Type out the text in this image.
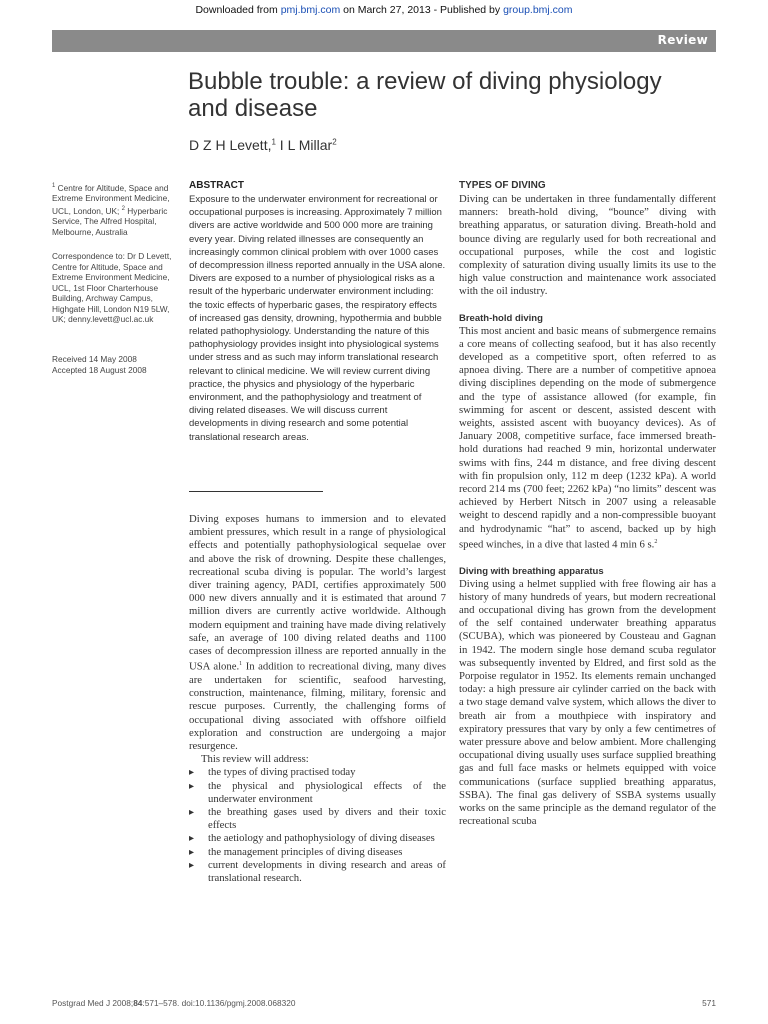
Downloaded from pmj.bmj.com on March 27, 2013 - Published by group.bmj.com
Review
Bubble trouble: a review of diving physiology and disease
D Z H Levett,$^1$ I L Millar$^2$
$^1$ Centre for Altitude, Space and Extreme Environment Medicine, UCL, London, UK; $^2$ Hyperbaric Service, The Alfred Hospital, Melbourne, Australia
Correspondence to: Dr D Levett, Centre for Altitude, Space and Extreme Environment Medicine, UCL, 1st Floor Charterhouse Building, Archway Campus, Highgate Hill, London N19 5LW, UK; denny.levett@ucl.ac.uk
Received 14 May 2008
Accepted 18 August 2008
ABSTRACT
Exposure to the underwater environment for recreational or occupational purposes is increasing. Approximately 7 million divers are active worldwide and 500 000 more are training every year. Diving related illnesses are consequently an increasingly common clinical problem with over 1000 cases of decompression illness reported annually in the USA alone. Divers are exposed to a number of physiological risks as a result of the hyperbaric underwater environment including: the toxic effects of hyperbaric gases, the respiratory effects of increased gas density, drowning, hypothermia and bubble related pathophysiology. Understanding the nature of this pathophysiology provides insight into physiological systems under stress and as such may inform translational research relevant to clinical medicine. We will review current diving practice, the physics and physiology of the hyperbaric environment, and the pathophysiology and treatment of diving related diseases. We will discuss current developments in diving research and some potential translational research areas.

Diving exposes humans to immersion and to elevated ambient pressures, which result in a range of physiological effects and potentially pathophysiological sequelae over and above the risk of drowning. Despite these challenges, recreational scuba diving is popular. The world’s largest diver training agency, PADI, certifies approximately 500 000 new divers annually and it is estimated that around 7 million divers are currently active worldwide. Although modern equipment and training have made diving relatively safe, an average of 100 diving related deaths and 1100 cases of decompression illness are reported annually in the USA alone.$^1$ In addition to recreational diving, many dives are undertaken for scientific, seafood harvesting, construction, maintenance, filming, military, forensic and rescue purposes. Currently, the challenging forms of occupational diving associated with offshore oilfield exploration and construction are undergoing a major resurgence.

This review will address:

▸ the types of diving practised today
▸ the physical and physiological effects of the underwater environment
▸ the breathing gases used by divers and their toxic effects
▸ the aetiology and pathophysiology of diving diseases
▸ the management principles of diving diseases
▸ current developments in diving research and areas of translational research.
TYPES OF DIVING

Diving can be undertaken in three fundamentally different manners: breath-hold diving, “bounce” diving with breathing apparatus, or saturation diving. Breath-hold and bounce diving are regularly used for both recreational and occupational purposes, while the cost and logistic complexity of saturation diving usually limits its use to the high value construction and maintenance work associated with the oil industry.

Breath-hold diving

This most ancient and basic means of submergence remains a core means of collecting seafood, but it has also recently developed as a competitive sport, often referred to as apnoea diving. There are a number of competitive apnoea diving disciplines depending on the mode of submergence and the type of assistance allowed (for example, fin swimming for ascent or descent, assisted descent with weights, assisted ascent with buoyancy devices). As of January 2008, competitive surface, face immersed breath-hold durations had reached 9 min, horizontal underwater swims with fins, 244 m distance, and free diving descent with fin propulsion only, 112 m deep (1232 kPa). A world record 214 ms (700 feet; 2262 kPa) “no limits” descent was achieved by Herbert Nitsch in 2007 using a releasable weight to descend rapidly and a non-compressible buoyant and hydrodynamic “hat” to ascend, backed up by high speed winches, in a dive that lasted 4 min 6 s.$^2$

Diving with breathing apparatus

Diving using a helmet supplied with free flowing air has a history of many hundreds of years, but modern recreational and occupational diving has grown from the development of the self contained underwater breathing apparatus (SCUBA), which was pioneered by Cousteau and Gagnan in 1942. The modern single hose demand scuba regulator was subsequently invented by Eldred, and first sold as the Porpoise regulator in 1952. Its elements remain unchanged today: a high pressure air cylinder carried on the back with a two stage demand valve system, which allows the diver to breath air from a mouthpiece with inspiratory and expiratory pressures that vary by only a few centimetres of water pressure above and below ambient. More challenging occupational diving usually uses surface supplied breathing gas and full face masks or helmets equipped with voice communications (surface supplied breathing apparatus, SSBA). The final gas delivery of SSBA systems usually works on the same principle as the demand regulator of the recreational scuba

Postgrad Med J 2008;84:571–578. doi:10.1136/pgmj.2008.068320	571
